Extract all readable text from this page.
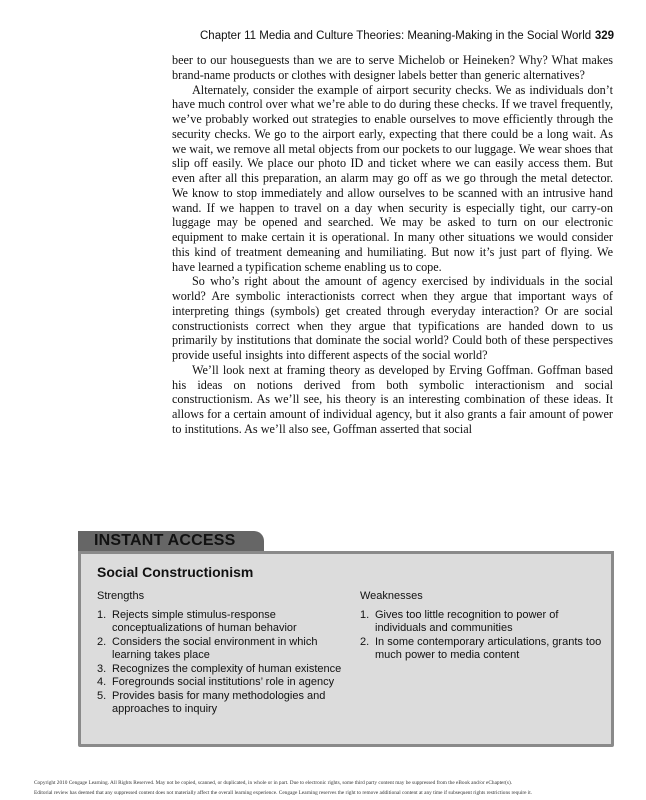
Chapter 11 Media and Culture Theories: Meaning-Making in the Social World 329

beer to our houseguests than we are to serve Michelob or Heineken? Why? What makes brand-name products or clothes with designer labels better than generic alternatives?

Alternately, consider the example of airport security checks. We as individuals don’t have much control over what we’re able to do during these checks. If we travel frequently, we’ve probably worked out strategies to enable ourselves to move efficiently through the security checks. We go to the airport early, expecting that there could be a long wait. As we wait, we remove all metal objects from our pockets to our luggage. We wear shoes that slip off easily. We place our photo ID and ticket where we can easily access them. But even after all this preparation, an alarm may go off as we go through the metal detector. We know to stop immediately and allow ourselves to be scanned with an intrusive hand wand. If we happen to travel on a day when security is especially tight, our carry-on luggage may be opened and searched. We may be asked to turn on our electronic equipment to make certain it is operational. In many other situations we would consider this kind of treatment demeaning and humiliating. But now it’s just part of flying. We have learned a typification scheme enabling us to cope.

So who’s right about the amount of agency exercised by individuals in the social world? Are symbolic interactionists correct when they argue that important ways of interpreting things (symbols) get created through everyday interaction? Or are social constructionists correct when they argue that typifications are handed down to us primarily by institutions that dominate the social world? Could both of these perspectives provide useful insights into different aspects of the social world?

We’ll look next at framing theory as developed by Erving Goffman. Goffman based his ideas on notions derived from both symbolic interactionism and social constructionism. As we’ll see, his theory is an interesting combination of these ideas. It allows for a certain amount of individual agency, but it also grants a fair amount of power to institutions. As we’ll also see, Goffman asserted that social

INSTANT ACCESS
Social Constructionism
Strengths
1. Rejects simple stimulus-response conceptualizations of human behavior
2. Considers the social environment in which learning takes place
3. Recognizes the complexity of human existence
4. Foregrounds social institutions’ role in agency
5. Provides basis for many methodologies and approaches to inquiry
Weaknesses
1. Gives too little recognition to power of individuals and communities
2. In some contemporary articulations, grants too much power to media content
Copyright 2010 Cengage Learning. All Rights Reserved. May not be copied, scanned, or duplicated, in whole or in part. Due to electronic rights, some third party content may be suppressed from the eBook and/or eChapter(s).
Editorial review has deemed that any suppressed content does not materially affect the overall learning experience. Cengage Learning reserves the right to remove additional content at any time if subsequent rights restrictions require it.
